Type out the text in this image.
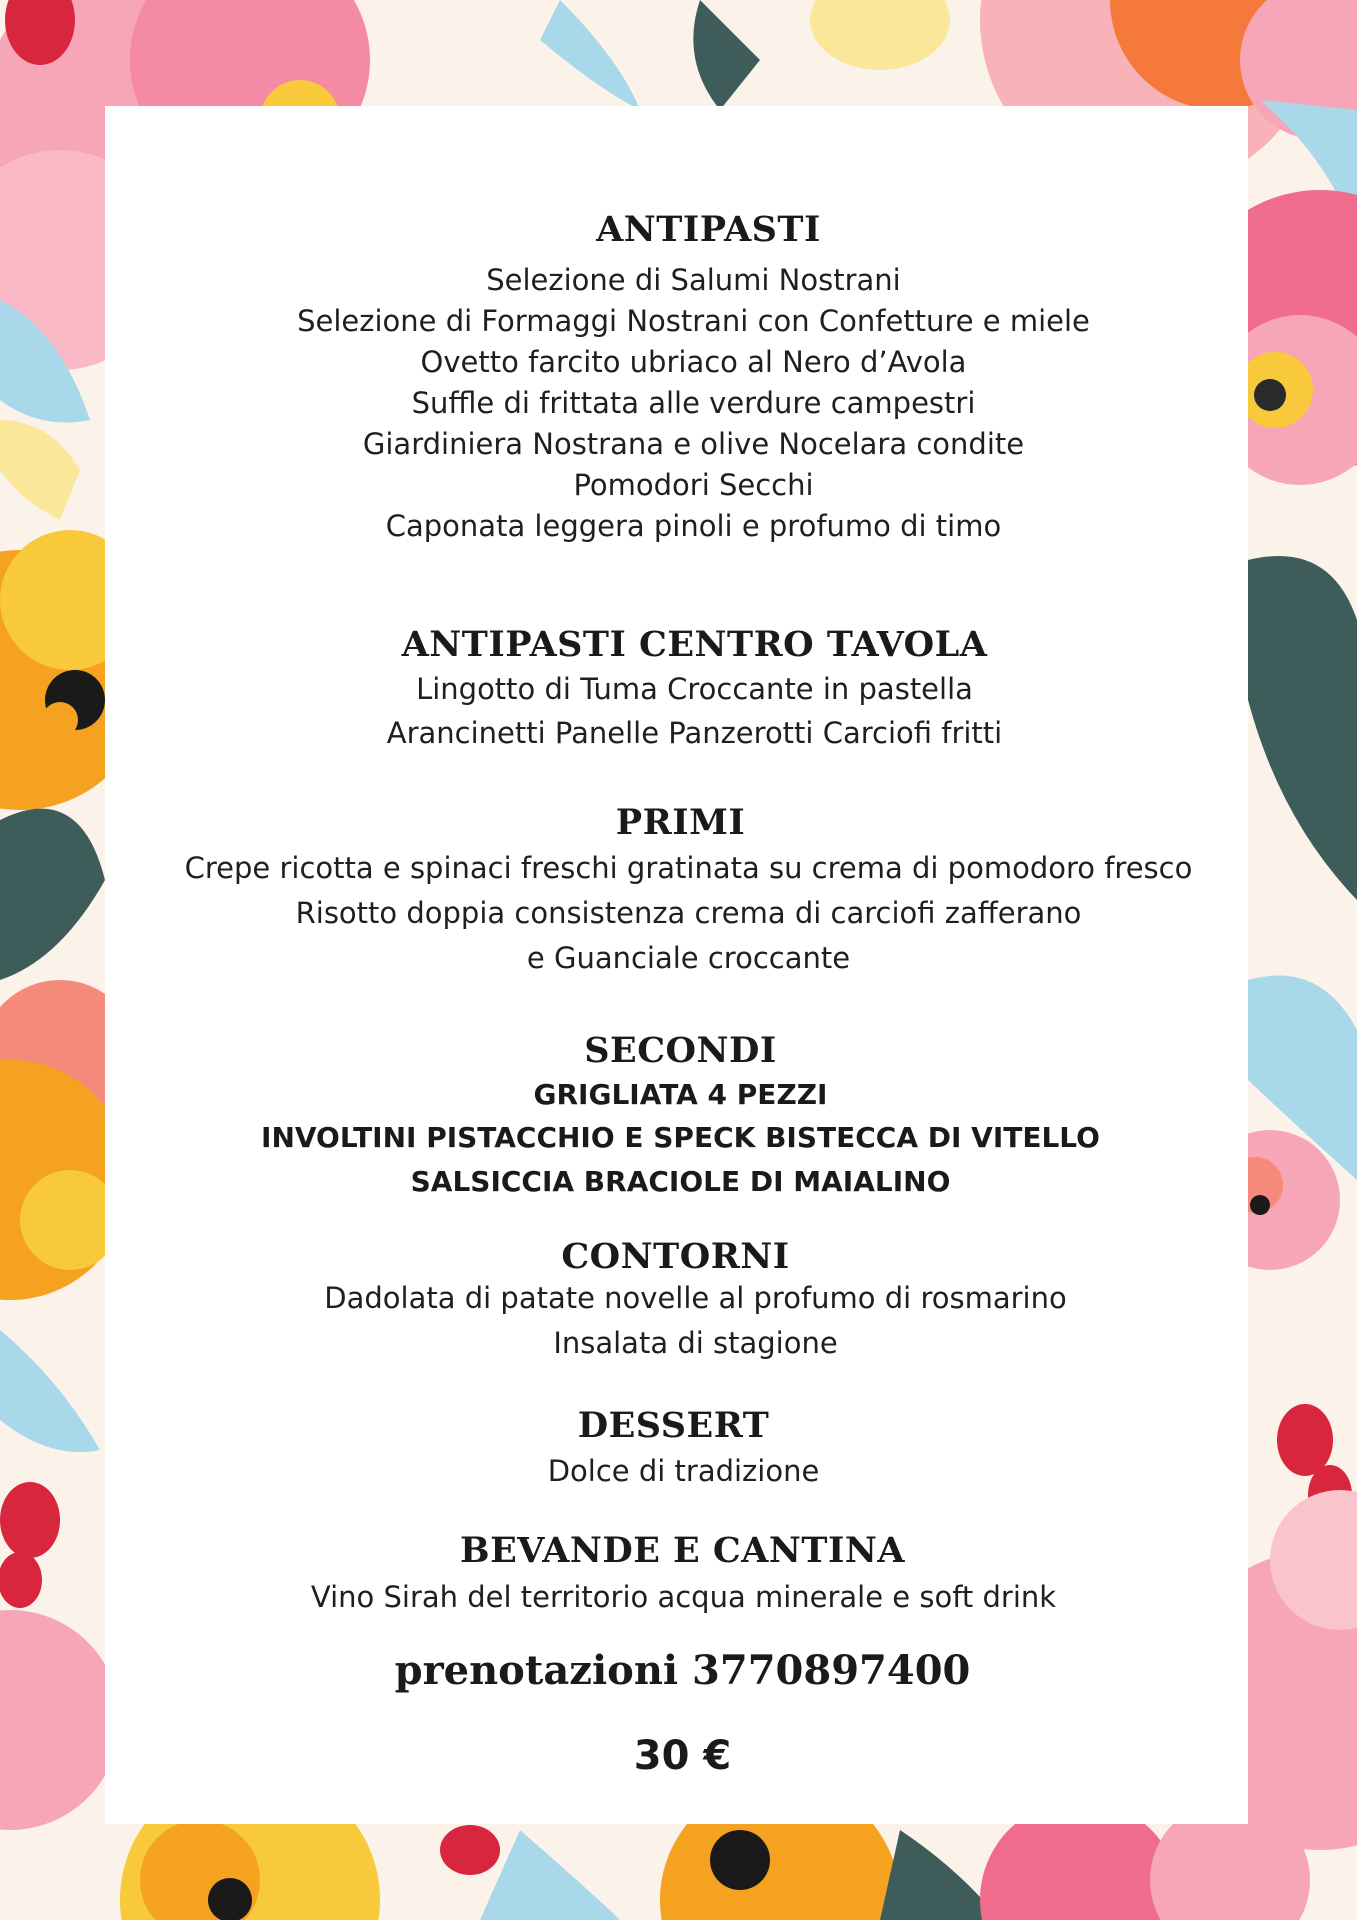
ANTIPASTI
Selezione di Salumi Nostrani
Selezione di Formaggi Nostrani con Confetture e miele
Ovetto farcito ubriaco al Nero d’Avola
Suffle di frittata alle verdure campestri
Giardiniera Nostrana e olive Nocelara condite
Pomodori Secchi
Caponata leggera pinoli e profumo di timo
ANTIPASTI CENTRO TAVOLA
Lingotto di Tuma Croccante in pastella
Arancinetti Panelle Panzerotti Carciofi fritti
PRIMI
Crepe ricotta e spinaci freschi gratinata su crema di pomodoro fresco
Risotto doppia consistenza crema di carciofi zafferano
e Guanciale croccante
SECONDI
GRIGLIATA 4 PEZZI
INVOLTINI PISTACCHIO E SPECK BISTECCA DI VITELLO
SALSICCIA BRACIOLE DI MAIALINO
CONTORNI
Dadolata di patate novelle al profumo di rosmarino
Insalata di stagione
DESSERT
Dolce di tradizione
BEVANDE E CANTINA
Vino Sirah del territorio acqua minerale e soft drink
prenotazioni 3770897400
30 €
